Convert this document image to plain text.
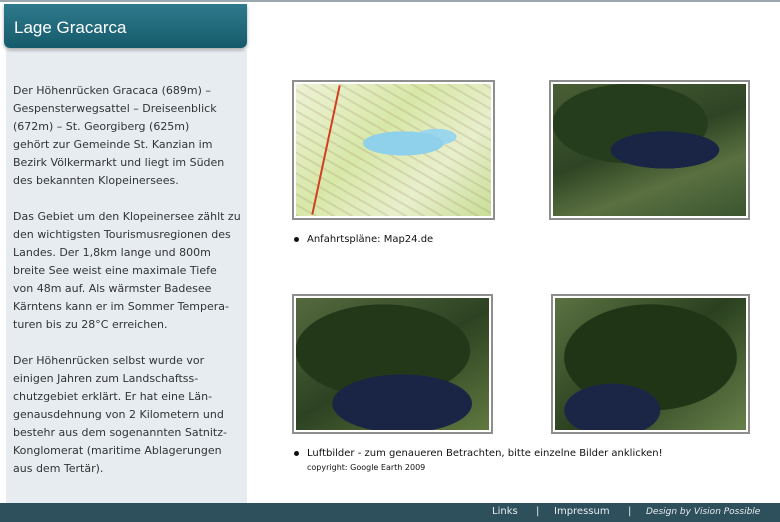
Lage Gracarca

Der Höhenrücken Gracaca (689m) –
Gespensterwegsattel – Dreiseenblick
(672m) – St. Georgiberg (625m)
gehört zur Gemeinde St. Kanzian im
Bezirk Völkermarkt und liegt im Süden
des bekannten Klopeinersees.

Das Gebiet um den Klopeinersee zählt zu
den wichtigsten Tourismusregionen des
Landes. Der 1,8km lange und 800m
breite See weist eine maximale Tiefe
von 48m auf. Als wärmster Badesee
Kärntens kann er im Sommer Tempera-
turen bis zu 28°C erreichen.

Der Höhenrücken selbst wurde vor
einigen Jahren zum Landschaftss-
chutzgebiet erklärt. Er hat eine Län-
genausdehnung von 2 Kilometern und
bestehr aus dem sogenannten Satnitz-
Konglomerat (maritime Ablagerungen
aus dem Tertär).

Anfahrtspläne: Map24.de
Luftbilder - zum genaueren Betrachten, bitte einzelne Bilder anklicken!
copyright: Google Earth 2009
Links | Impressum | Design by Vision Possible
